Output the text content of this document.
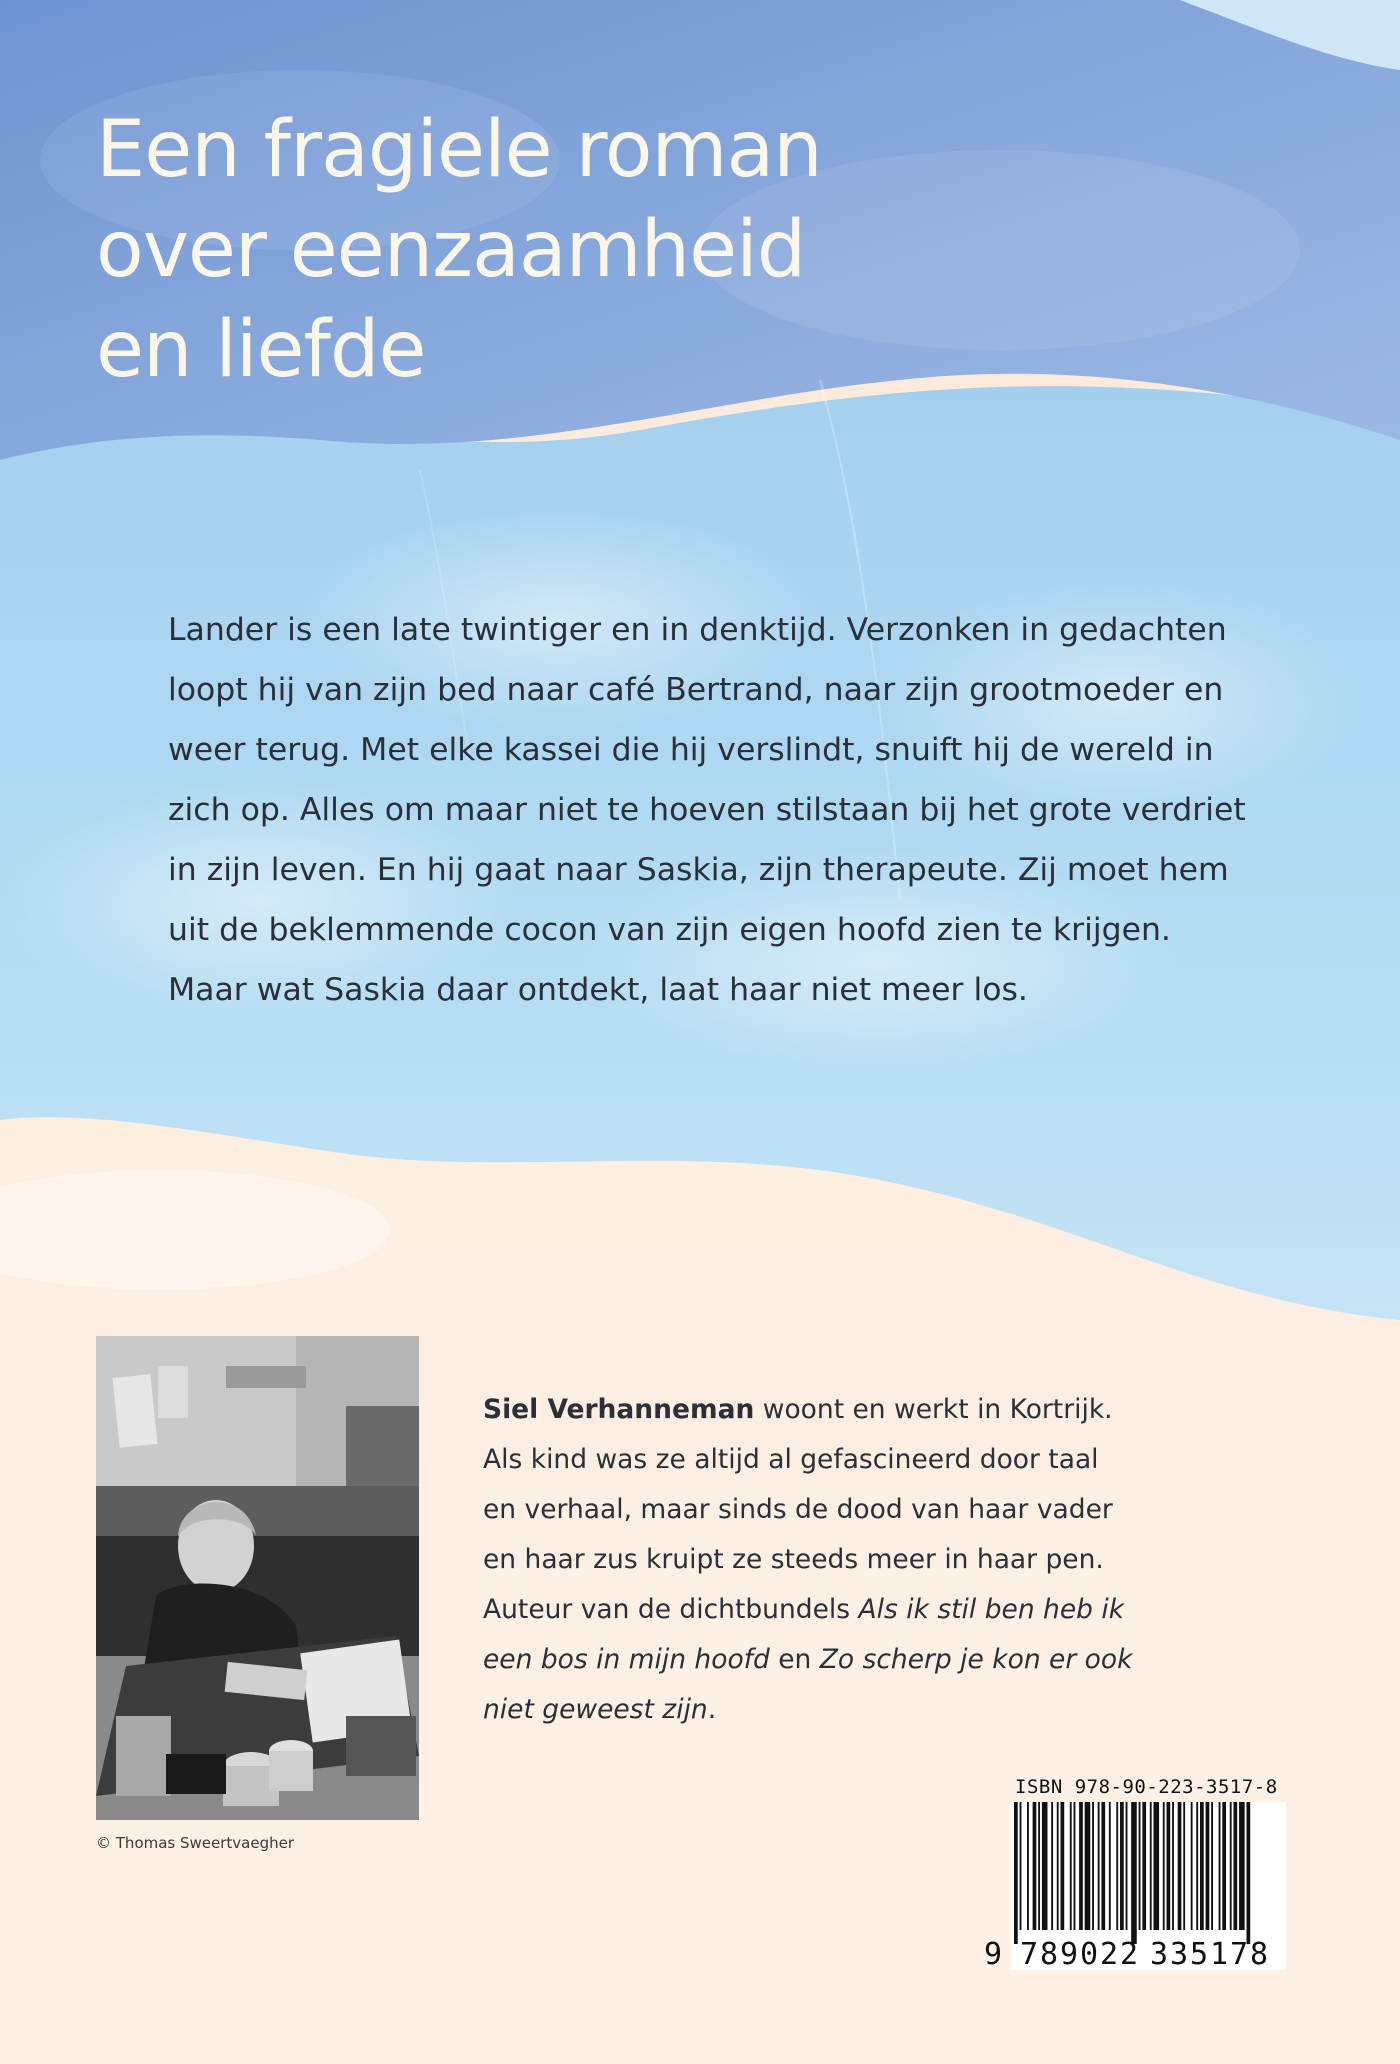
Een fragiele roman
over eenzaamheid
en liefde

Lander is een late twintiger en in denktijd. Verzonken in gedachten
loopt hij van zijn bed naar café Bertrand, naar zijn grootmoeder en
weer terug. Met elke kassei die hij verslindt, snuift hij de wereld in
zich op. Alles om maar niet te hoeven stilstaan bij het grote verdriet
in zijn leven. En hij gaat naar Saskia, zijn therapeute. Zij moet hem
uit de beklemmende cocon van zijn eigen hoofd zien te krijgen.
Maar wat Saskia daar ontdekt, laat haar niet meer los.

© Thomas Sweertvaegher

Siel Verhanneman woont en werkt in Kortrijk.
Als kind was ze altijd al gefascineerd door taal
en verhaal, maar sinds de dood van haar vader
en haar zus kruipt ze steeds meer in haar pen.
Auteur van de dichtbundels Als ik stil ben heb ik
een bos in mijn hoofd en Zo scherp je kon er ook
niet geweest zijn.

ISBN 978-90-223-3517-8
9 789022 335178
